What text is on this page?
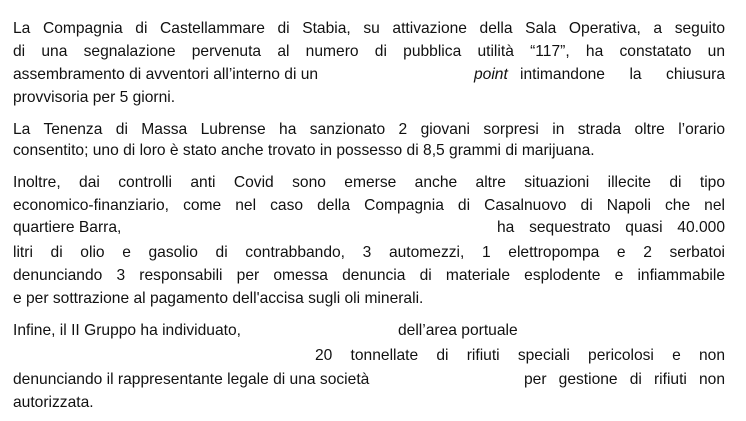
La Compagnia di Castellammare di Stabia, su attivazione della Sala Operativa, a seguito
di una segnalazione pervenuta al numero di pubblica utilità “117”, ha constatato un
assembramento di avventori all’interno di un	point intimandone la chiusura
provvisoria per 5 giorni.
La Tenenza di Massa Lubrense ha sanzionato 2 giovani sorpresi in strada oltre l’orario
consentito; uno di loro è stato anche trovato in possesso di 8,5 grammi di marijuana.
Inoltre, dai controlli anti Covid sono emerse anche altre situazioni illecite di tipo
economico-finanziario, come nel caso della Compagnia di Casalnuovo di Napoli che nel
quartiere Barra,	ha sequestrato quasi 40.000
litri di olio e gasolio di contrabbando, 3 automezzi, 1 elettropompa e 2 serbatoi
denunciando 3 responsabili per omessa denuncia di materiale esplodente e infiammabile
e per sottrazione al pagamento dell'accisa sugli oli minerali.
Infine, il II Gruppo ha individuato,	dell’area portuale
20 tonnellate di rifiuti speciali pericolosi e non
denunciando il rappresentante legale di una società	per gestione di rifiuti non
autorizzata.
